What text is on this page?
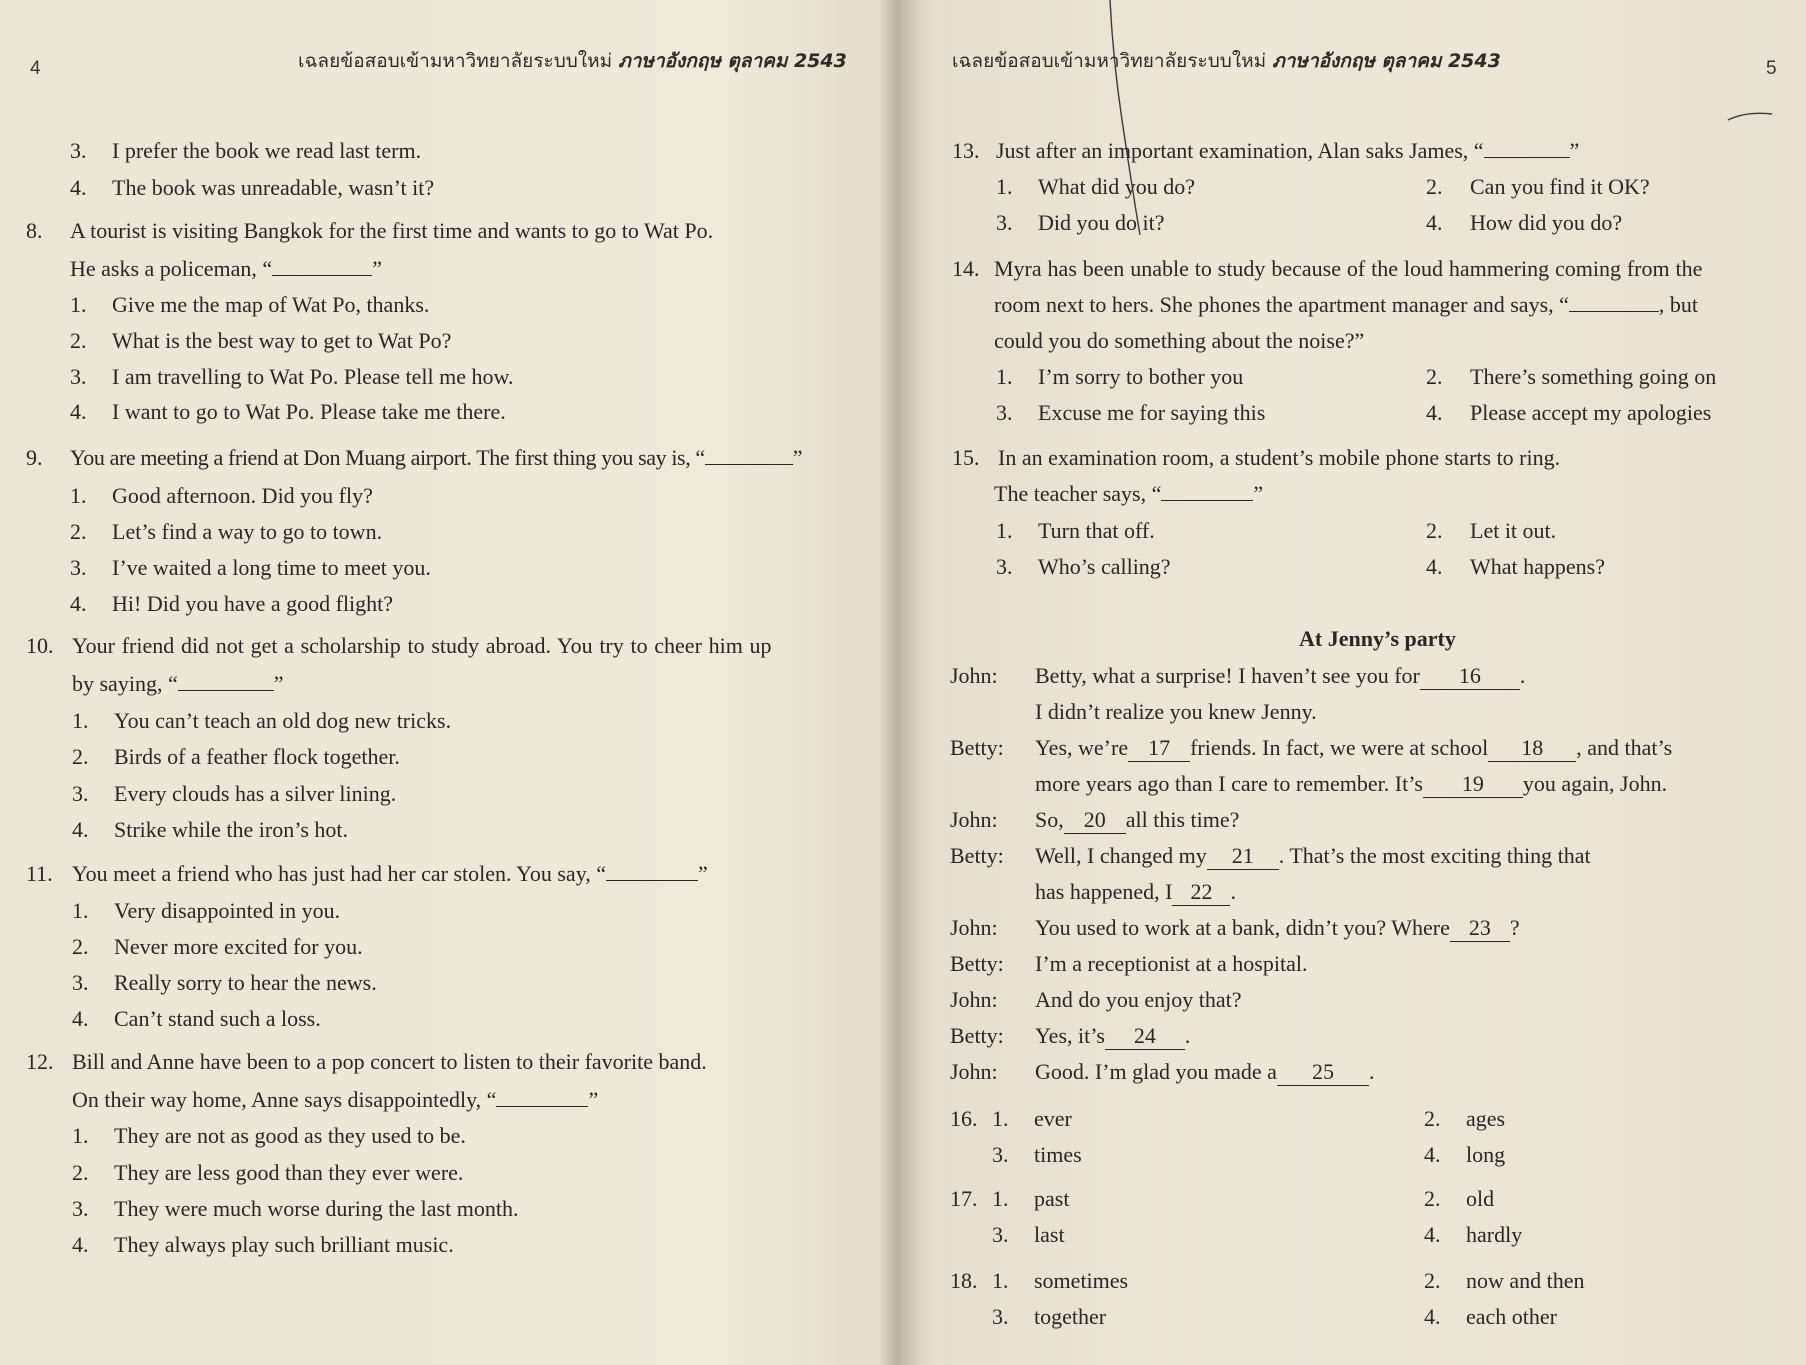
4	เฉลยข้อสอบเข้ามหาวิทยาลัยระบบใหม่ ภาษาอังกฤษ ตุลาคม 2543
3. I prefer the book we read last term.
4. The book was unreadable, wasn’t it?
8. A tourist is visiting Bangkok for the first time and wants to go to Wat Po.
He asks a policeman, “	”
1. Give me the map of Wat Po, thanks.
2. What is the best way to get to Wat Po?
3. I am travelling to Wat Po. Please tell me how.
4. I want to go to Wat Po. Please take me there.
9. You are meeting a friend at Don Muang airport. The first thing you say is, “	”
1. Good afternoon. Did you fly?
2. Let’s find a way to go to town.
3. I’ve waited a long time to meet you.
4. Hi! Did you have a good flight?
10. Your friend did not get a scholarship to study abroad. You try to cheer him up
by saying, “	”
1. You can’t teach an old dog new tricks.
2. Birds of a feather flock together.
3. Every clouds has a silver lining.
4. Strike while the iron’s hot.
11. You meet a friend who has just had her car stolen. You say, “	”
1. Very disappointed in you.
2. Never more excited for you.
3. Really sorry to hear the news.
4. Can’t stand such a loss.
12. Bill and Anne have been to a pop concert to listen to their favorite band.
On their way home, Anne says disappointedly, “	”
1. They are not as good as they used to be.
2. They are less good than they ever were.
3. They were much worse during the last month.
4. They always play such brilliant music.
เฉลยข้อสอบเข้ามหาวิทยาลัยระบบใหม่ ภาษาอังกฤษ ตุลาคม 2543	5
13. Just after an important examination, Alan saks James, “	”
1. What did you do?	2. Can you find it OK?
3. Did you do it?	4. How did you do?
14. Myra has been unable to study because of the loud hammering coming from the
room next to hers. She phones the apartment manager and says, “	, but
could you do something about the noise?”
1. I’m sorry to bother you	2. There’s something going on
3. Excuse me for saying this	4. Please accept my apologies
15. In an examination room, a student’s mobile phone starts to ring.
The teacher says, “	”
1. Turn that off.	2. Let it out.
3. Who’s calling?	4. What happens?
At Jenny’s party
John: Betty, what a surprise! I haven’t see you for 16 .
I didn’t realize you knew Jenny.
Betty: Yes, we’re 17 friends. In fact, we were at school 18 , and that’s
more years ago than I care to remember. It’s 19 you again, John.
John: So, 20 all this time?
Betty: Well, I changed my 21 . That’s the most exciting thing that
has happened, I 22 .
John: You used to work at a bank, didn’t you? Where 23 ?
Betty: I’m a receptionist at a hospital.
John: And do you enjoy that?
Betty: Yes, it’s 24 .
John: Good. I’m glad you made a 25 .
16. 1. ever	2. ages
3. times	4. long
17. 1. past	2. old
3. last	4. hardly
18. 1. sometimes	2. now and then
3. together	4. each other
